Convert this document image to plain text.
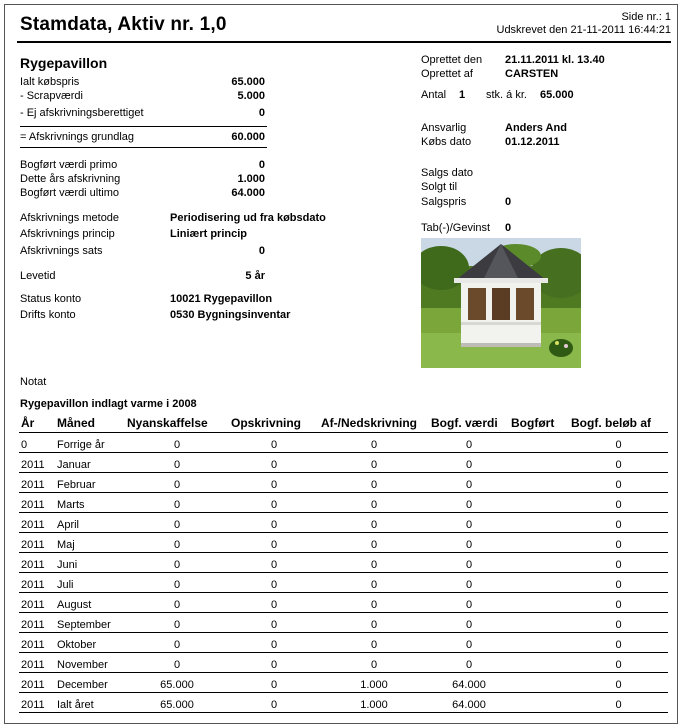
Stamdata, Aktiv nr. 1,0	Side nr.: 1
Udskrevet den 21-11-2011 16:44:21
Rygepavillon
Ialt købspris	65.000
- Scrapværdi	5.000
- Ej afskrivningsberettiget	0
= Afskrivnings grundlag	60.000
Bogført værdi primo	0
Dette års afskrivning	1.000
Bogført værdi ultimo	64.000
Afskrivnings metode	Periodisering ud fra købsdato
Afskrivnings princip	Liniært princip
Afskrivnings sats	0
Levetid	5 år
Status konto	10021 Rygepavillon
Drifts konto	0530 Bygningsinventar
Oprettet den 21.11.2011 kl. 13.40
Oprettet af	CARSTEN
Antal 1 stk. á kr. 65.000
Ansvarlig	Anders And
Købs dato	01.12.2011
Salgs dato
Solgt til
Salgspris	0
Tab(-)/Gevinst 0
Notat
Rygepavillon indlagt varme i 2008
År	Måned	Nyanskaffelse	Opskrivning	Af-/Nedskrivning	Bogf. værdi	Bogført	Bogf. beløb af
0	Forrige år	0	0	0	0		0
2011	Januar	0	0	0	0		0
2011	Februar	0	0	0	0		0
2011	Marts	0	0	0	0		0
2011	April	0	0	0	0		0
2011	Maj	0	0	0	0		0
2011	Juni	0	0	0	0		0
2011	Juli	0	0	0	0		0
2011	August	0	0	0	0		0
2011	September	0	0	0	0		0
2011	Oktober	0	0	0	0		0
2011	November	0	0	0	0		0
2011	December	65.000	0	1.000	64.000		0
2011	Ialt året	65.000	0	1.000	64.000		0
